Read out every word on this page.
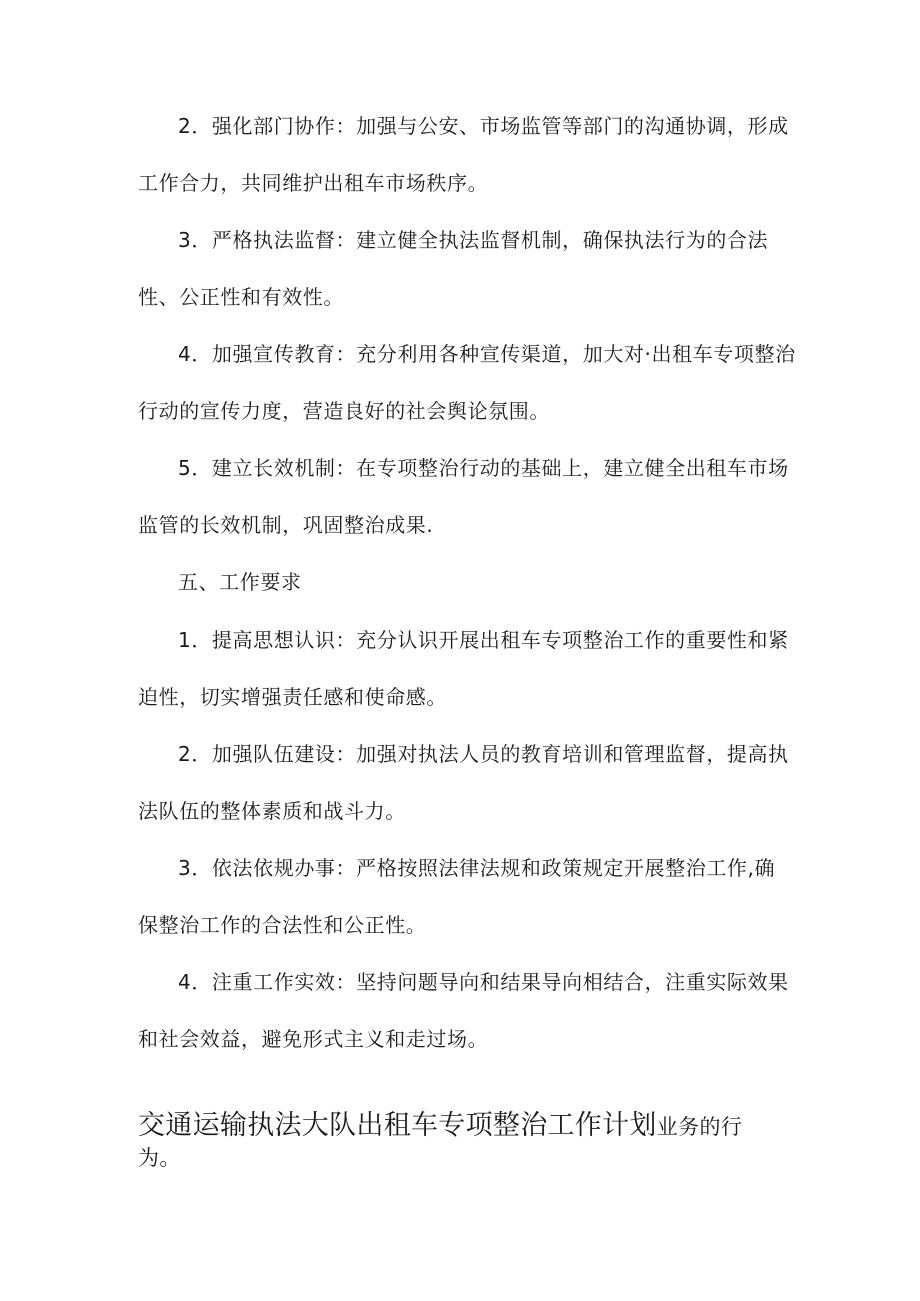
2．强化部门协作：加强与公安、市场监管等部门的沟通协调，形成
工作合力，共同维护出租车市场秩序。
3．严格执法监督：建立健全执法监督机制，确保执法行为的合法
性、公正性和有效性。
4．加强宣传教育：充分利用各种宣传渠道，加大对·出租车专项整治
行动的宣传力度，营造良好的社会舆论氛围。
5．建立长效机制：在专项整治行动的基础上，建立健全出租车市场
监管的长效机制，巩固整治成果.
五、工作要求
1．提高思想认识：充分认识开展出租车专项整治工作的重要性和紧
迫性，切实增强责任感和使命感。
2．加强队伍建设：加强对执法人员的教育培训和管理监督，提高执
法队伍的整体素质和战斗力。
3．依法依规办事：严格按照法律法规和政策规定开展整治工作,确
保整治工作的合法性和公正性。
4．注重工作实效：坚持问题导向和结果导向相结合，注重实际效果
和社会效益，避免形式主义和走过场。
交通运输执法大队出租车专项整治工作计划业务的行
为。
